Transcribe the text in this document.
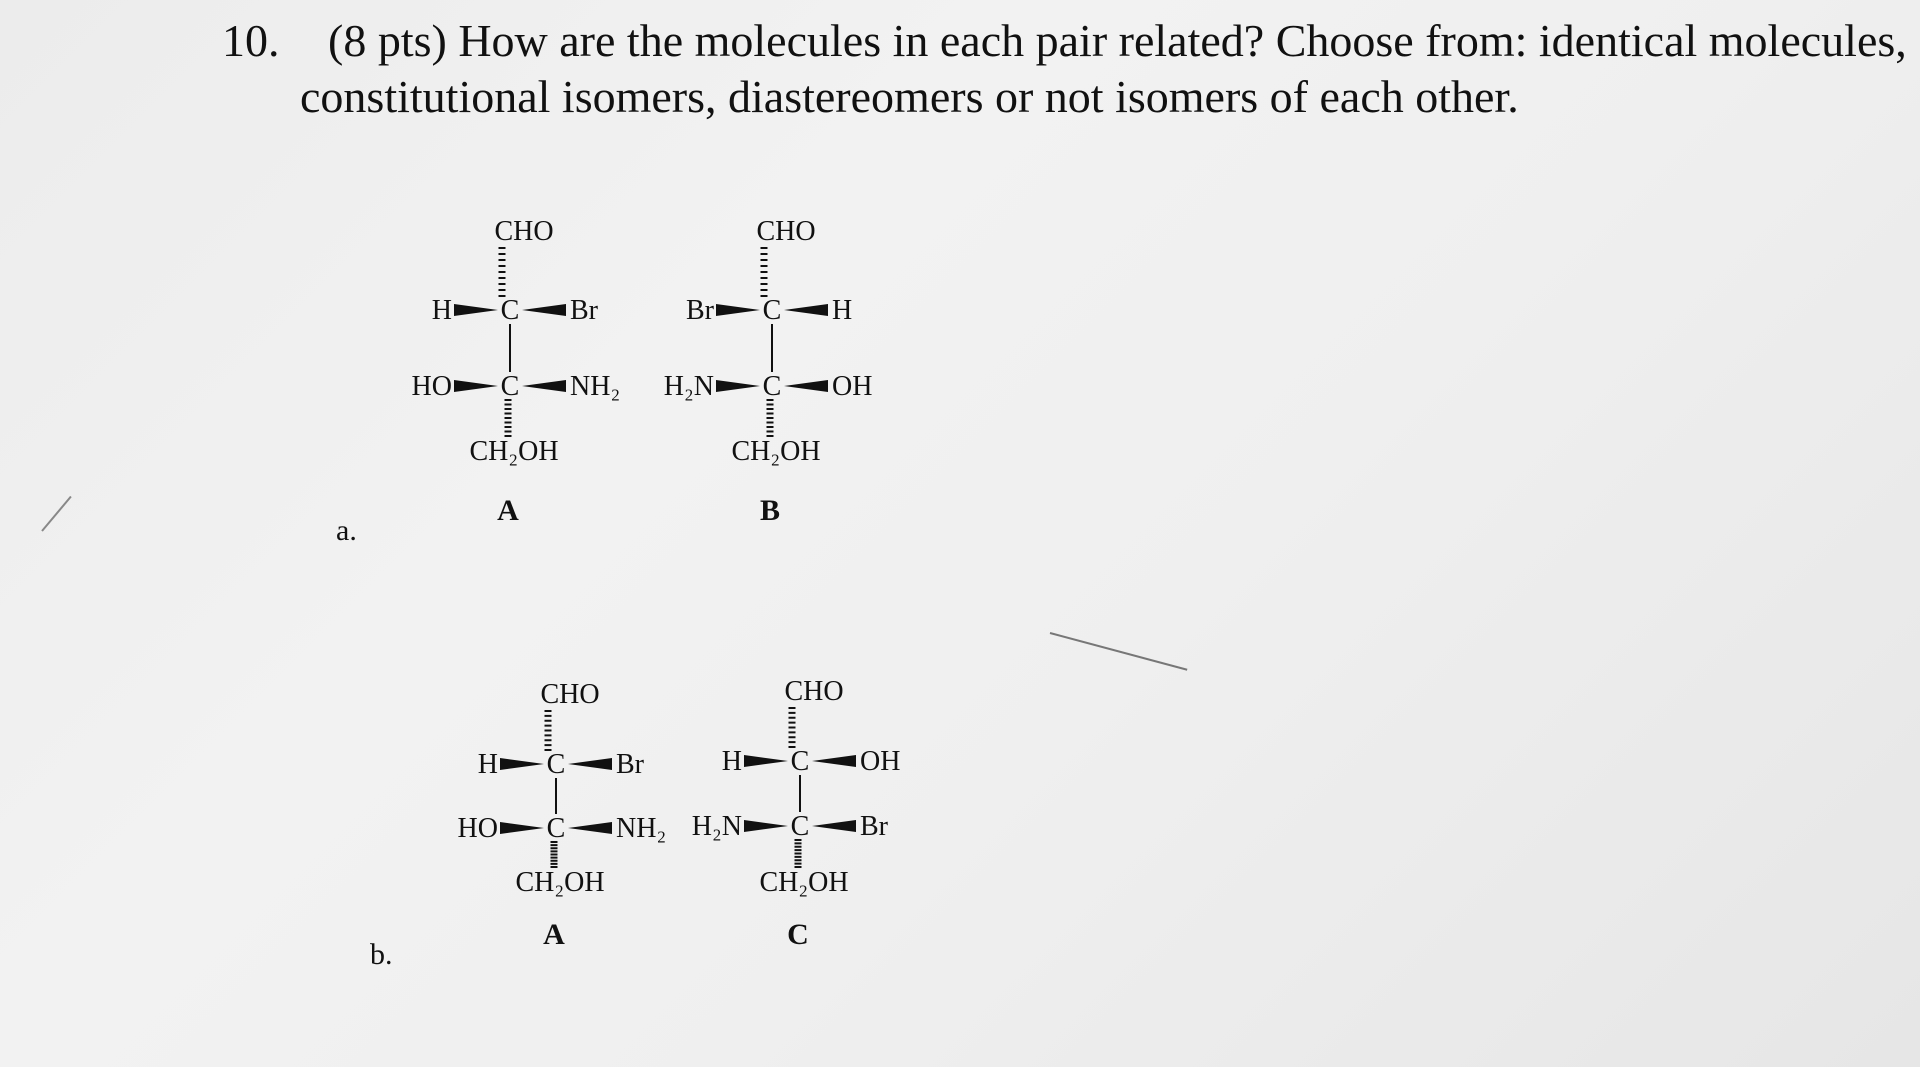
10. (8 pts) How are the molecules in each pair related? Choose from: identical molecules,
constitutional isomers, diastereomers or not isomers of each other.
a.
b.
CHO
C
C
CH₂OH
H	Br
HO	NH₂
A
CHO
C
C
CH₂OH
Br	H
H₂N	OH
B
CHO
C
C
CH₂OH
H	Br
HO	NH₂
A
CHO
C
C
CH₂OH
H	OH
H₂N	Br
C
